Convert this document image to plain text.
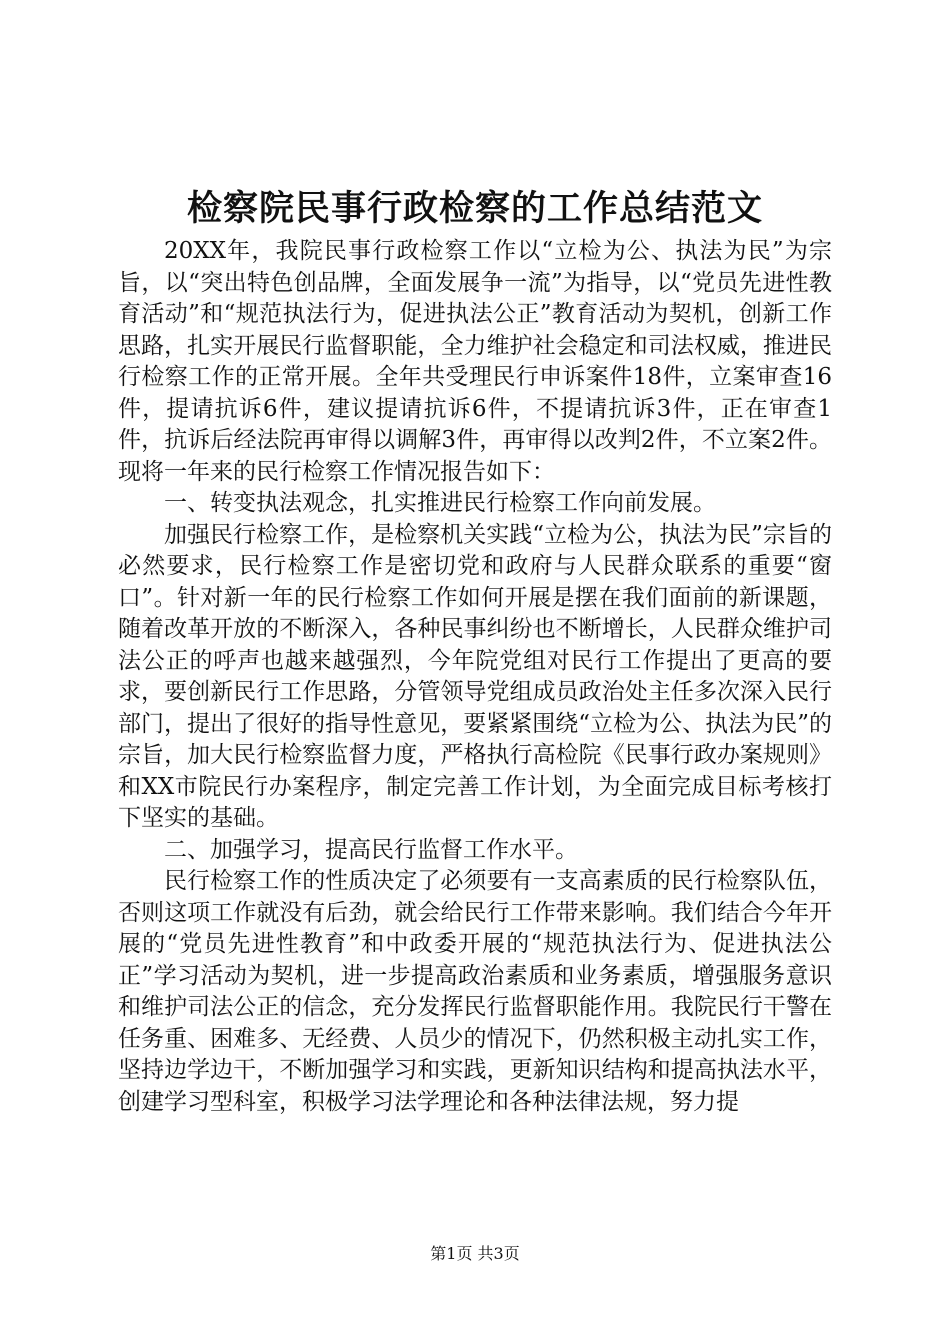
检察院民事行政检察的工作总结范文

20XX年，我院民事行政检察工作以“立检为公、执法为民”为宗旨，以“突出特色创品牌，全面发展争一流”为指导，以“党员先进性教育活动”和“规范执法行为，促进执法公正”教育活动为契机，创新工作思路，扎实开展民行监督职能，全力维护社会稳定和司法权威，推进民行检察工作的正常开展。全年共受理民行申诉案件18件，立案审查16件，提请抗诉6件，建议提请抗诉6件，不提请抗诉3件，正在审查1件，抗诉后经法院再审得以调解3件，再审得以改判2件，不立案2件。现将一年来的民行检察工作情况报告如下：

一、转变执法观念，扎实推进民行检察工作向前发展。

加强民行检察工作，是检察机关实践“立检为公，执法为民”宗旨的必然要求，民行检察工作是密切党和政府与人民群众联系的重要“窗口”。针对新一年的民行检察工作如何开展是摆在我们面前的新课题，随着改革开放的不断深入，各种民事纠纷也不断增长，人民群众维护司法公正的呼声也越来越强烈，今年院党组对民行工作提出了更高的要求，要创新民行工作思路，分管领导党组成员政治处主任多次深入民行部门，提出了很好的指导性意见，要紧紧围绕“立检为公、执法为民”的宗旨，加大民行检察监督力度，严格执行高检院《民事行政办案规则》和XX市院民行办案程序，制定完善工作计划，为全面完成目标考核打下坚实的基础。

二、加强学习，提高民行监督工作水平。

民行检察工作的性质决定了必须要有一支高素质的民行检察队伍，否则这项工作就没有后劲，就会给民行工作带来影响。我们结合今年开展的“党员先进性教育”和中政委开展的“规范执法行为、促进执法公正”学习活动为契机，进一步提高政治素质和业务素质，增强服务意识和维护司法公正的信念，充分发挥民行监督职能作用。我院民行干警在任务重、困难多、无经费、人员少的情况下，仍然积极主动扎实工作，坚持边学边干，不断加强学习和实践，更新知识结构和提高执法水平，创建学习型科室，积极学习法学理论和各种法律法规，努力提

第1页 共3页
